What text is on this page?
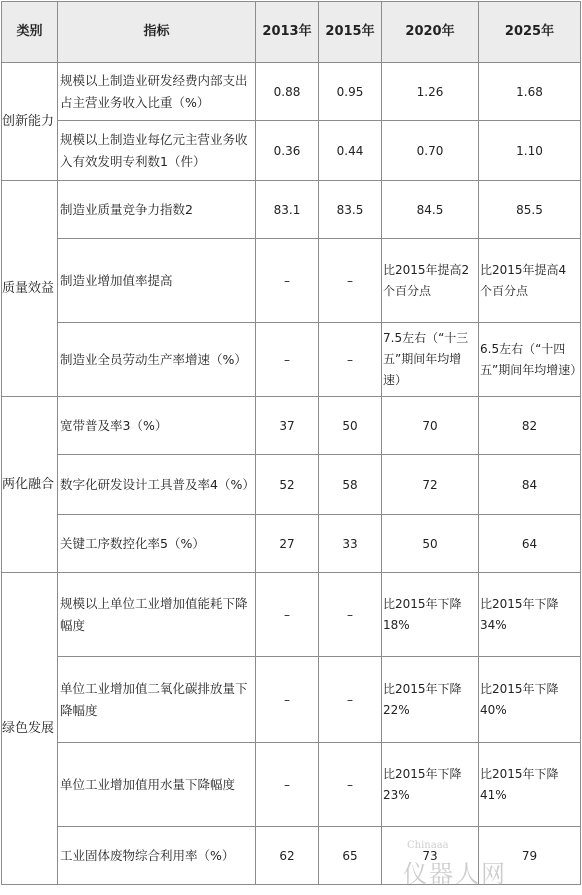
类别	指标	2013年	2015年	2020年	2025年
创新能力	规模以上制造业研发经费内部支出占主营业务收入比重（%）	0.88	0.95	1.26	1.68
	规模以上制造业每亿元主营业务收入有效发明专利数1（件）	0.36	0.44	0.70	1.10
质量效益	制造业质量竞争力指数2	83.1	83.5	84.5	85.5
	制造业增加值率提高	–	–	比2015年提高2个百分点	比2015年提高4个百分点
	制造业全员劳动生产率增速（%）	–	–	7.5左右（“十三五”期间年均增速）	6.5左右（“十四五”期间年均增速）
两化融合	宽带普及率3（%）	37	50	70	82
	数字化研发设计工具普及率4（%）	52	58	72	84
	关键工序数控化率5（%）	27	33	50	64
绿色发展	规模以上单位工业增加值能耗下降幅度	–	–	比2015年下降18%	比2015年下降34%
	单位工业增加值二氧化碳排放量下降幅度	–	–	比2015年下降22%	比2015年下降40%
	单位工业增加值用水量下降幅度	–	–	比2015年下降23%	比2015年下降41%
	工业固体废物综合利用率（%）	62	65	73	79
Chinaaa
仪器人网
